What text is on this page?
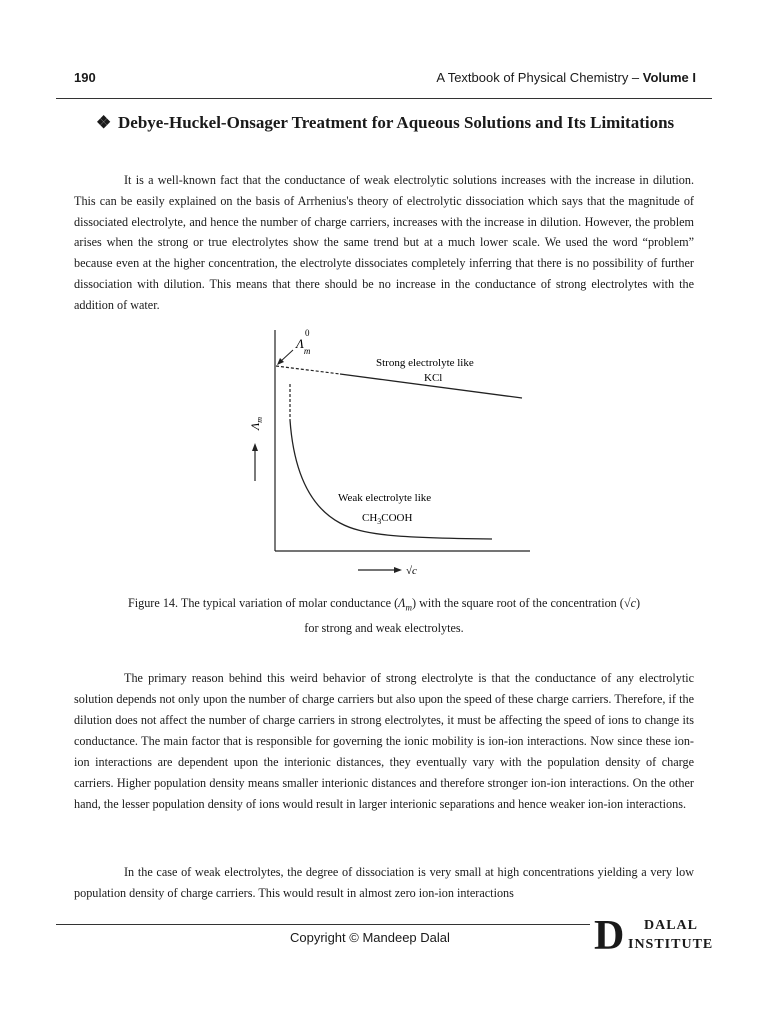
190	A Textbook of Physical Chemistry – Volume I
❖ Debye-Huckel-Onsager Treatment for Aqueous Solutions and Its Limitations

It is a well-known fact that the conductance of weak electrolytic solutions increases with the increase in dilution. This can be easily explained on the basis of Arrhenius's theory of electrolytic dissociation which says that the magnitude of dissociated electrolyte, and hence the number of charge carriers, increases with the increase in dilution. However, the problem arises when the strong or true electrolytes show the same trend but at a much lower scale. We used the word “problem” because even at the higher concentration, the electrolyte dissociates completely inferring that there is no possibility of further dissociation with dilution. This means that there should be no increase in the conductance of strong electrolytes with the addition of water.

$\Lambda_m$
0
Strong electrolyte like
KCl
Weak electrolyte like
$CH_3COOH$
$\Lambda_m$
√c
Figure 14. The typical variation of molar conductance $(\Lambda_m)$ with the square root of the concentration (√c)
for strong and weak electrolytes.

The primary reason behind this weird behavior of strong electrolyte is that the conductance of any electrolytic solution depends not only upon the number of charge carriers but also upon the speed of these charge carriers. Therefore, if the dilution does not affect the number of charge carriers in strong electrolytes, it must be affecting the speed of ions to change its conductance. The main factor that is responsible for governing the ionic mobility is ion-ion interactions. Now since these ion-ion interactions are dependent upon the interionic distances, they eventually vary with the population density of charge carriers. Higher population density means smaller interionic distances and therefore stronger ion-ion interactions. On the other hand, the lesser population density of ions would result in larger interionic separations and hence weaker ion-ion interactions.

In the case of weak electrolytes, the degree of dissociation is very small at high concentrations yielding a very low population density of charge carriers. This would result in almost zero ion-ion interactions

Copyright © Mandeep Dalal	D DALAL
INSTITUTE
